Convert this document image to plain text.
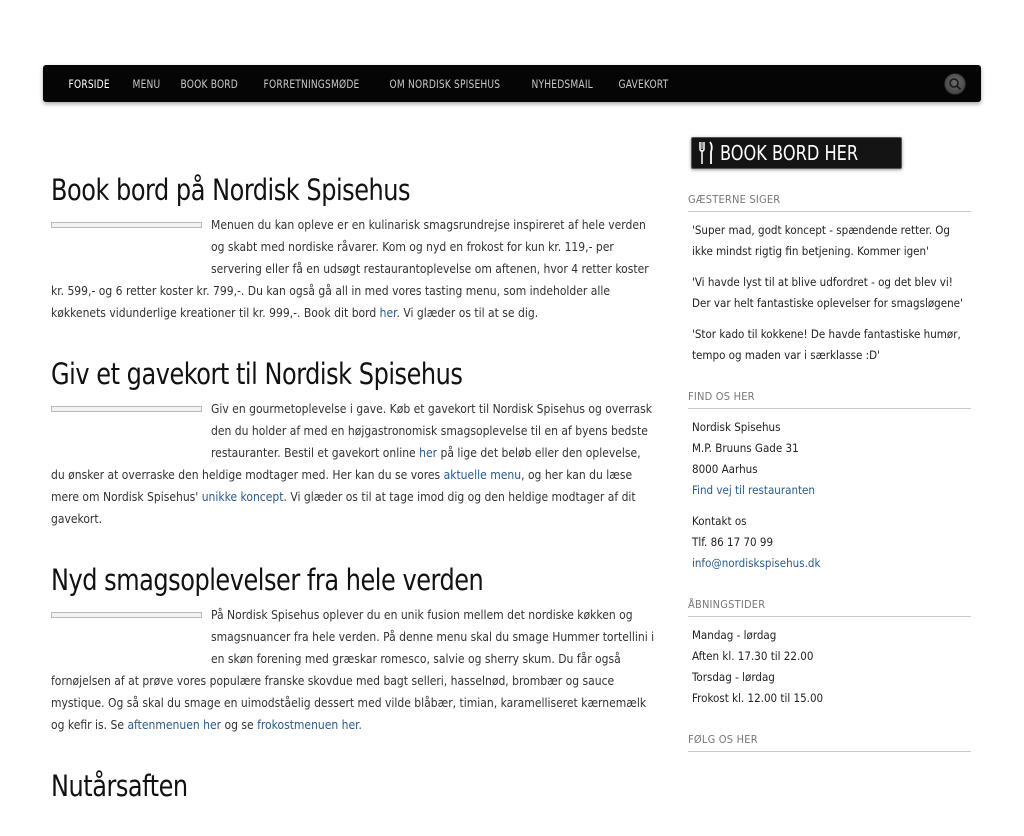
FORSIDE	MENU	BOOK BORD	FORRETNINGSMØDE	OM NORDISK SPISEHUS	NYHEDSMAIL	GAVEKORT
Book bord på Nordisk Spisehus
Menuen du kan opleve er en kulinarisk smagsrundrejse inspireret af hele verden og skabt med nordiske råvarer. Kom og nyd en frokost for kun kr. 119,- per servering eller få en udsøgt restaurantoplevelse om aftenen, hvor 4 retter koster kr. 599,- og 6 retter koster kr. 799,-. Du kan også gå all in med vores tasting menu, som indeholder alle køkkenets vidunderlige kreationer til kr. 999,-. Book dit bord her. Vi glæder os til at se dig.
Giv et gavekort til Nordisk Spisehus
Giv en gourmetoplevelse i gave. Køb et gavekort til Nordisk Spisehus og overrask den du holder af med en højgastronomisk smagsoplevelse til en af byens bedste restauranter. Bestil et gavekort online her på lige det beløb eller den oplevelse, du ønsker at overraske den heldige modtager med. Her kan du se vores aktuelle menu, og her kan du læse mere om Nordisk Spisehus' unikke koncept. Vi glæder os til at tage imod dig og den heldige modtager af dit gavekort.
Nyd smagsoplevelser fra hele verden
På Nordisk Spisehus oplever du en unik fusion mellem det nordiske køkken og smagsnuancer fra hele verden. På denne menu skal du smage Hummer tortellini i en skøn forening med græskar romesco, salvie og sherry skum. Du får også fornøjelsen af at prøve vores populære franske skovdue med bagt selleri, hasselnød, brombær og sauce mystique. Og så skal du smage en uimodståelig dessert med vilde blåbær, timian, karamelliseret kærnemælk og kefir is. Se aftenmenuen her og se frokostmenuen her.
Nutårsaften
BOOK BORD HER
GÆSTERNE SIGER
'Super mad, godt koncept - spændende retter. Og ikke mindst rigtig fin betjening. Kommer igen'
'Vi havde lyst til at blive udfordret - og det blev vi! Der var helt fantastiske oplevelser for smagsløgene'
'Stor kado til kokkene! De havde fantastiske humør, tempo og maden var i særklasse :D'
FIND OS HER
Nordisk Spisehus
M.P. Bruuns Gade 31
8000 Aarhus
Find vej til restauranten
Kontakt os
Tlf. 86 17 70 99
info@nordiskspisehus.dk
ÅBNINGSTIDER
Mandag - lørdag
Aften kl. 17.30 til 22.00
Torsdag - lørdag
Frokost kl. 12.00 til 15.00
FØLG OS HER
